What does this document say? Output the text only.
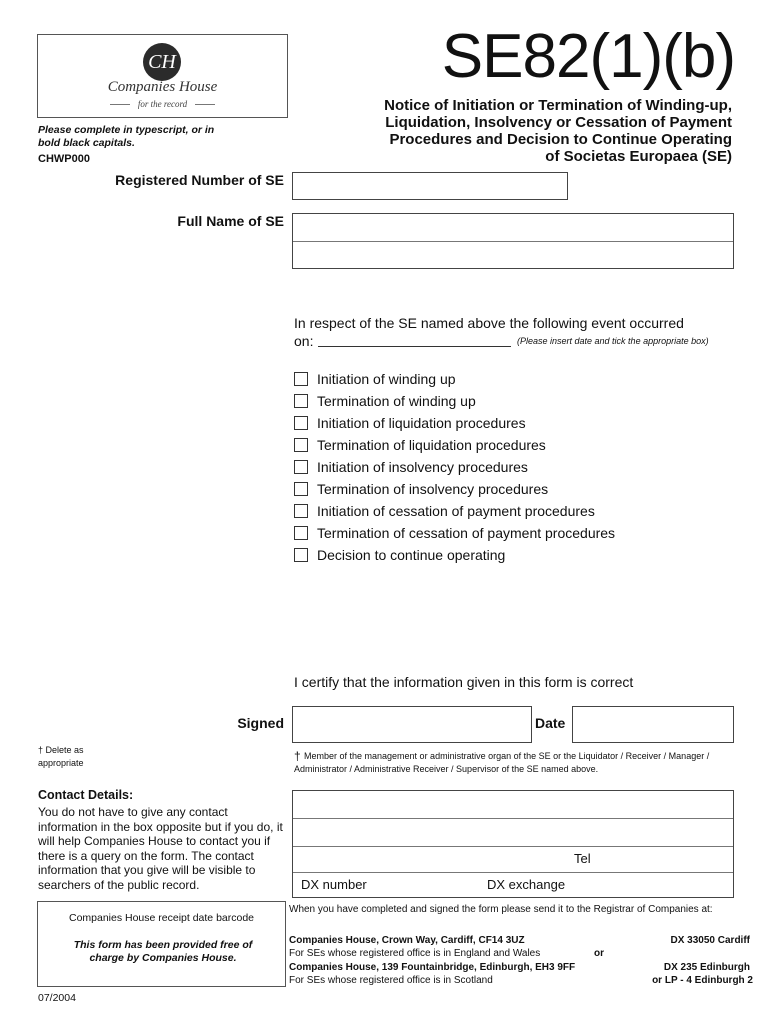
CH
Companies House
for the record
Please complete in typescript, or in bold black capitals.
CHWP000
SE82(1)(b)
Notice of Initiation or Termination of Winding-up,
Liquidation, Insolvency or Cessation of Payment
Procedures and Decision to Continue Operating
of Societas Europaea (SE)
Registered Number of SE
Full Name of SE
In respect of the SE named above the following event occurred
on:	(Please insert date and tick the appropriate box)
Initiation of winding up
Termination of winding up
Initiation of liquidation procedures
Termination of liquidation procedures
Initiation of insolvency procedures
Termination of insolvency procedures
Initiation of cessation of payment procedures
Termination of cessation of payment procedures
Decision to continue operating
I certify that the information given in this form is correct
Signed	Date
† Delete as appropriate	† Member of the management or administrative organ of the SE or the Liquidator / Receiver / Manager / Administrator / Administrative Receiver / Supervisor of the SE named above.
Contact Details:
You do not have to give any contact information in the box opposite but if you do, it will help Companies House to contact you if there is a query on the form. The contact information that you give will be visible to searchers of the public record.
Tel
DX number	DX exchange
Companies House receipt date barcode
This form has been provided free of charge by Companies House.
When you have completed and signed the form please send it to the Registrar of Companies at:
Companies House, Crown Way, Cardiff, CF14 3UZ	DX 33050 Cardiff
For SEs whose registered office is in England and Wales	or
Companies House, 139 Fountainbridge, Edinburgh, EH3 9FF	DX 235 Edinburgh
For SEs whose registered office is in Scotland	or LP - 4 Edinburgh 2
07/2004
